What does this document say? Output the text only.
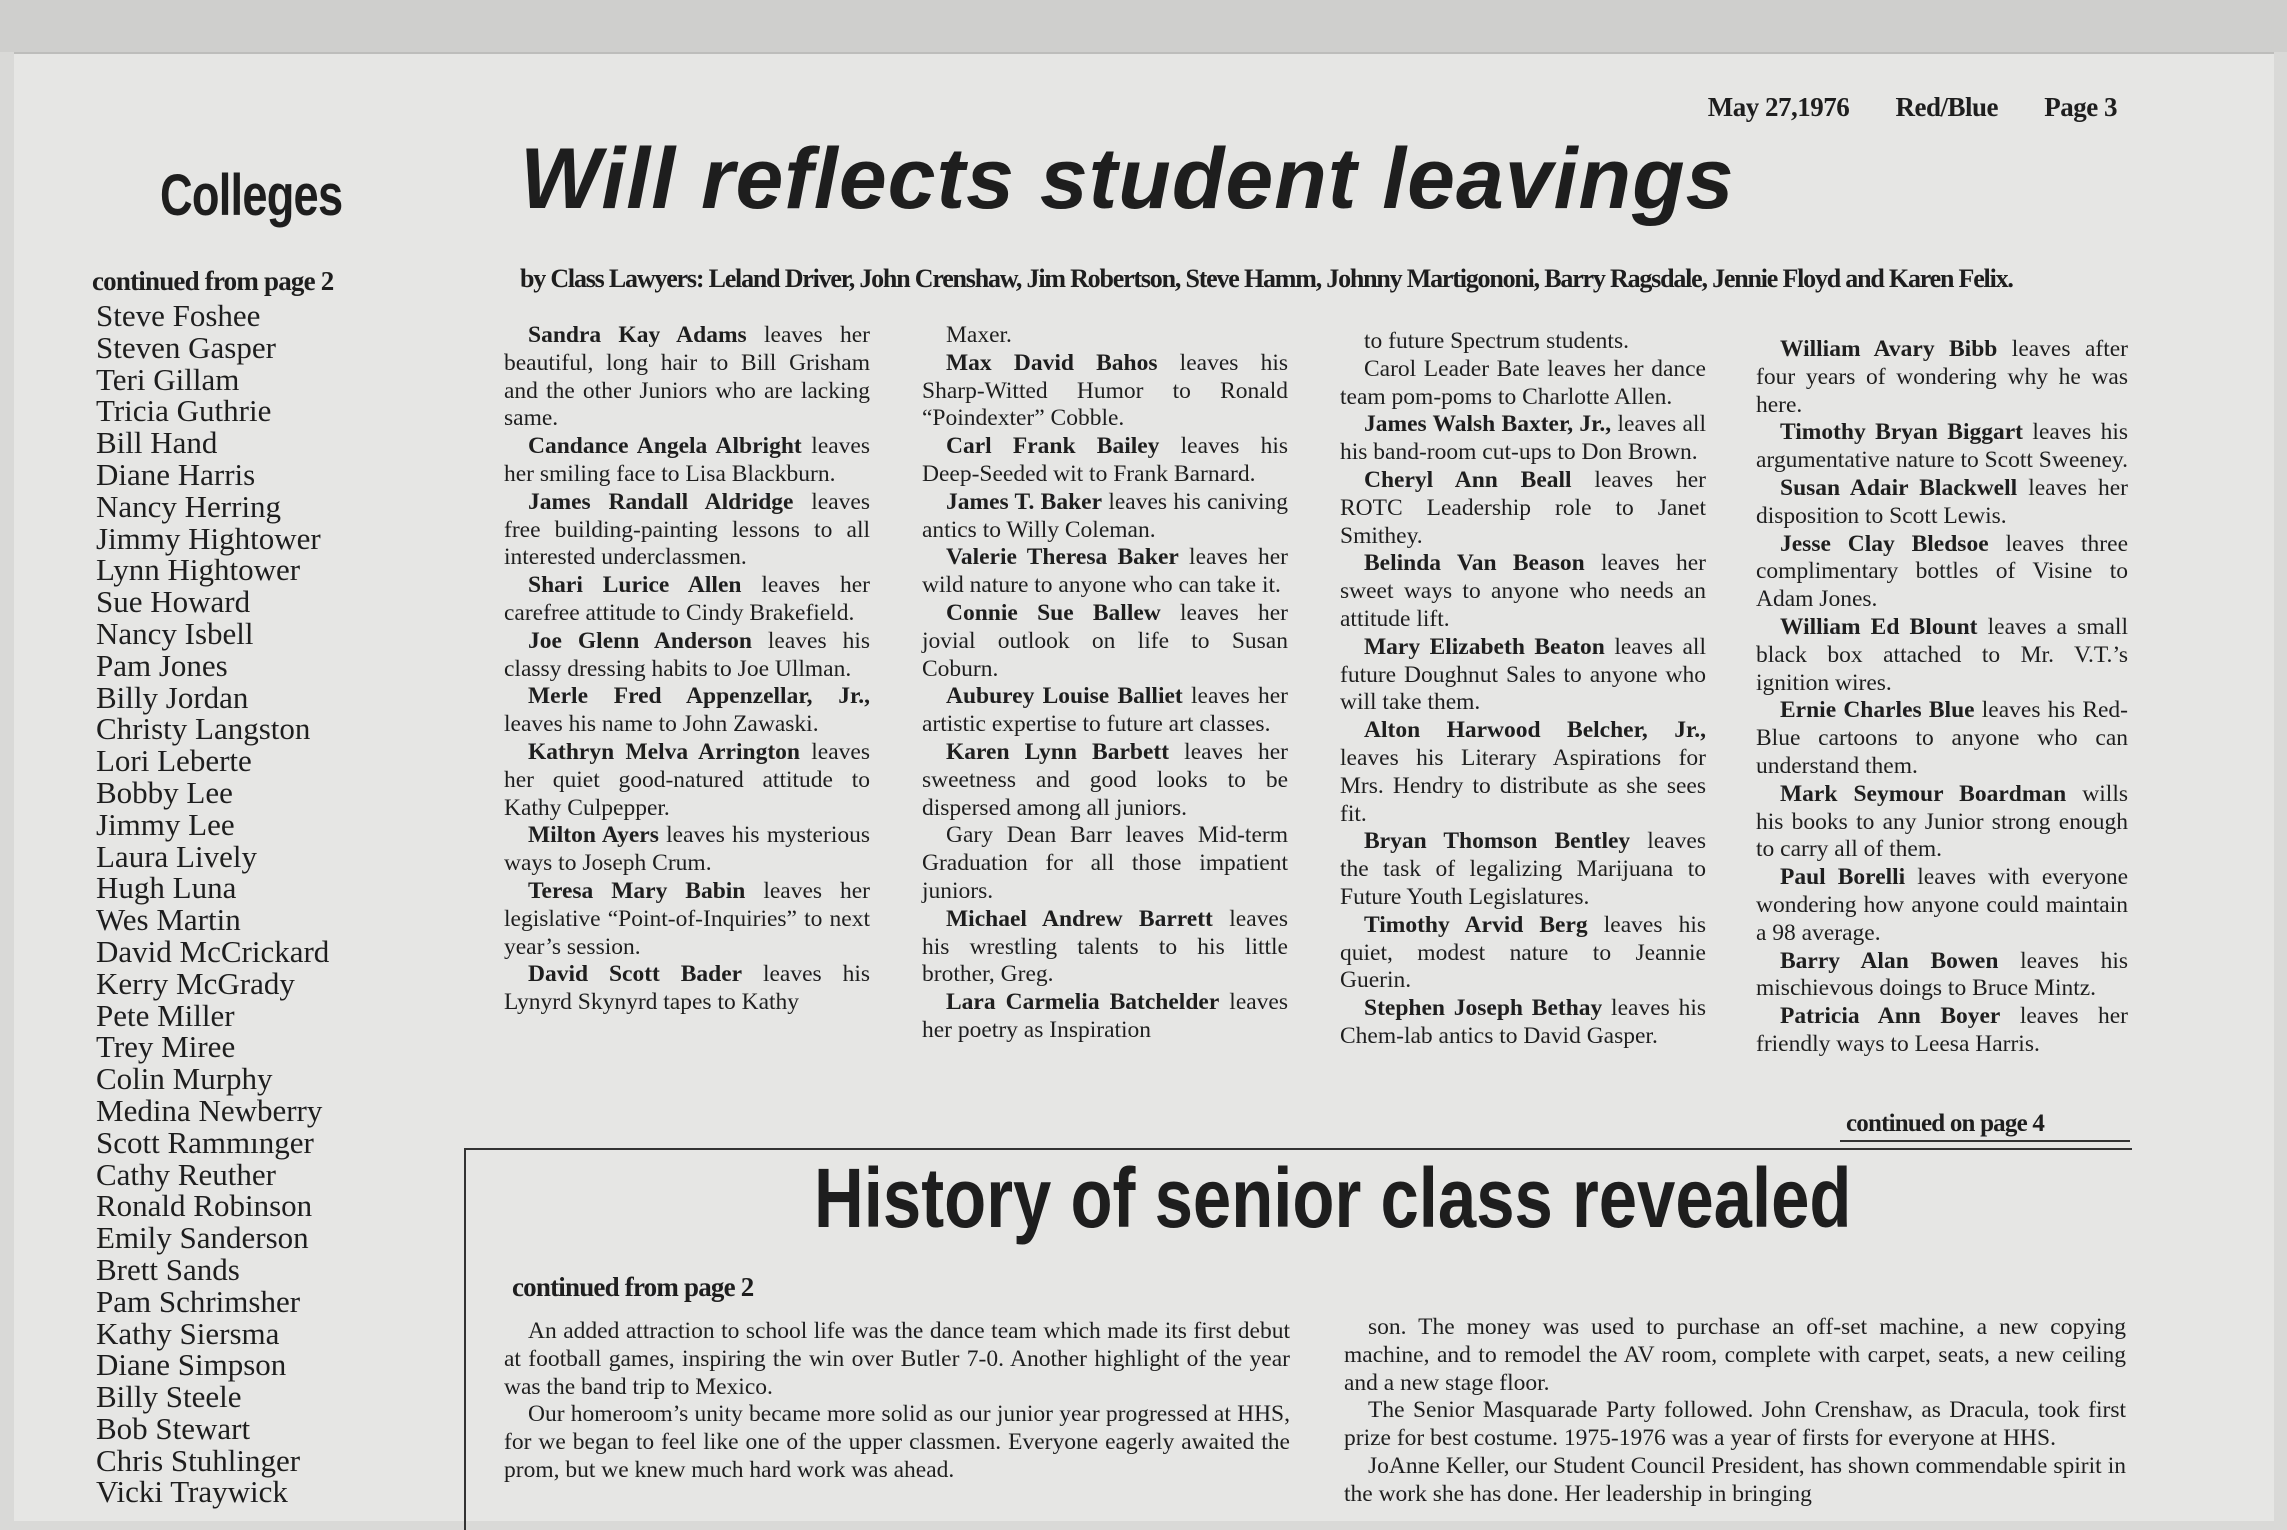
May 27,1976 Red/Blue Page 3
Colleges
continued from page 2
Steve Foshee
Steven Gasper
Teri Gillam
Tricia Guthrie
Bill Hand
Diane Harris
Nancy Herring
Jimmy Hightower
Lynn Hightower
Sue Howard
Nancy Isbell
Pam Jones
Billy Jordan
Christy Langston
Lori Leberte
Bobby Lee
Jimmy Lee
Laura Lively
Hugh Luna
Wes Martin
David McCrickard
Kerry McGrady
Pete Miller
Trey Miree
Colin Murphy
Medina Newberry
Scott Rammınger
Cathy Reuther
Ronald Robinson
Emily Sanderson
Brett Sands
Pam Schrimsher
Kathy Siersma
Diane Simpson
Billy Steele
Bob Stewart
Chris Stuhlinger
Vicki Traywick
Will reflects student leavings
by Class Lawyers: Leland Driver, John Crenshaw, Jim Robertson, Steve Hamm, Johnny Martigononi, Barry Ragsdale, Jennie Floyd and Karen Felix.

Sandra Kay Adams leaves her beautiful, long hair to Bill Grisham and the other Juniors who are lacking same.

Candance Angela Albright leaves her smiling face to Lisa Blackburn.

James Randall Aldridge leaves free building-painting lessons to all interested underclassmen.

Shari Lurice Allen leaves her carefree attitude to Cindy Brakefield.

Joe Glenn Anderson leaves his classy dressing habits to Joe Ullman.

Merle Fred Appenzellar, Jr., leaves his name to John Zawaski.

Kathryn Melva Arrington leaves her quiet good-natured attitude to Kathy Culpepper.

Milton Ayers leaves his mysterious ways to Joseph Crum.

Teresa Mary Babin leaves her legislative “Point-of-Inquiries” to next year’s session.

David Scott Bader leaves his Lynyrd Skynyrd tapes to Kathy

Maxer.

Max David Bahos leaves his Sharp-Witted Humor to Ronald “Poindexter” Cobble.

Carl Frank Bailey leaves his Deep-Seeded wit to Frank Barnard.

James T. Baker leaves his caniving antics to Willy Coleman.

Valerie Theresa Baker leaves her wild nature to anyone who can take it.

Connie Sue Ballew leaves her jovial outlook on life to Susan Coburn.

Auburey Louise Balliet leaves her artistic expertise to future art classes.

Karen Lynn Barbett leaves her sweetness and good looks to be dispersed among all juniors.

Gary Dean Barr leaves Mid-term Graduation for all those impatient juniors.

Michael Andrew Barrett leaves his wrestling talents to his little brother, Greg.

Lara Carmelia Batchelder leaves her poetry as Inspiration

to future Spectrum students.

Carol Leader Bate leaves her dance team pom-poms to Charlotte Allen.

James Walsh Baxter, Jr., leaves all his band-room cut-ups to Don Brown.

Cheryl Ann Beall leaves her ROTC Leadership role to Janet Smithey.

Belinda Van Beason leaves her sweet ways to anyone who needs an attitude lift.

Mary Elizabeth Beaton leaves all future Doughnut Sales to anyone who will take them.

Alton Harwood Belcher, Jr., leaves his Literary Aspirations for Mrs. Hendry to distribute as she sees fit.

Bryan Thomson Bentley leaves the task of legalizing Marijuana to Future Youth Legislatures.

Timothy Arvid Berg leaves his quiet, modest nature to Jeannie Guerin.

Stephen Joseph Bethay leaves his Chem-lab antics to David Gasper.

William Avary Bibb leaves after four years of wondering why he was here.

Timothy Bryan Biggart leaves his argumentative nature to Scott Sweeney.

Susan Adair Blackwell leaves her disposition to Scott Lewis.

Jesse Clay Bledsoe leaves three complimentary bottles of Visine to Adam Jones.

William Ed Blount leaves a small black box attached to Mr. V.T.’s ignition wires.

Ernie Charles Blue leaves his Red-Blue cartoons to anyone who can understand them.

Mark Seymour Boardman wills his books to any Junior strong enough to carry all of them.

Paul Borelli leaves with everyone wondering how anyone could maintain a 98 average.

Barry Alan Bowen leaves his mischievous doings to Bruce Mintz.

Patricia Ann Boyer leaves her friendly ways to Leesa Harris.

continued on page 4
History of senior class revealed
continued from page 2

An added attraction to school life was the dance team which made its first debut at football games, inspiring the win over Butler 7-0. Another highlight of the year was the band trip to Mexico.

Our homeroom’s unity became more solid as our junior year progressed at HHS, for we began to feel like one of the upper classmen. Everyone eagerly awaited the prom, but we knew much hard work was ahead.

son. The money was used to purchase an off-set machine, a new copying machine, and to remodel the AV room, complete with carpet, seats, a new ceiling and a new stage floor.

The Senior Masquarade Party followed. John Crenshaw, as Dracula, took first prize for best costume. 1975-1976 was a year of firsts for everyone at HHS.

JoAnne Keller, our Student Council President, has shown commendable spirit in the work she has done. Her leadership in bringing
